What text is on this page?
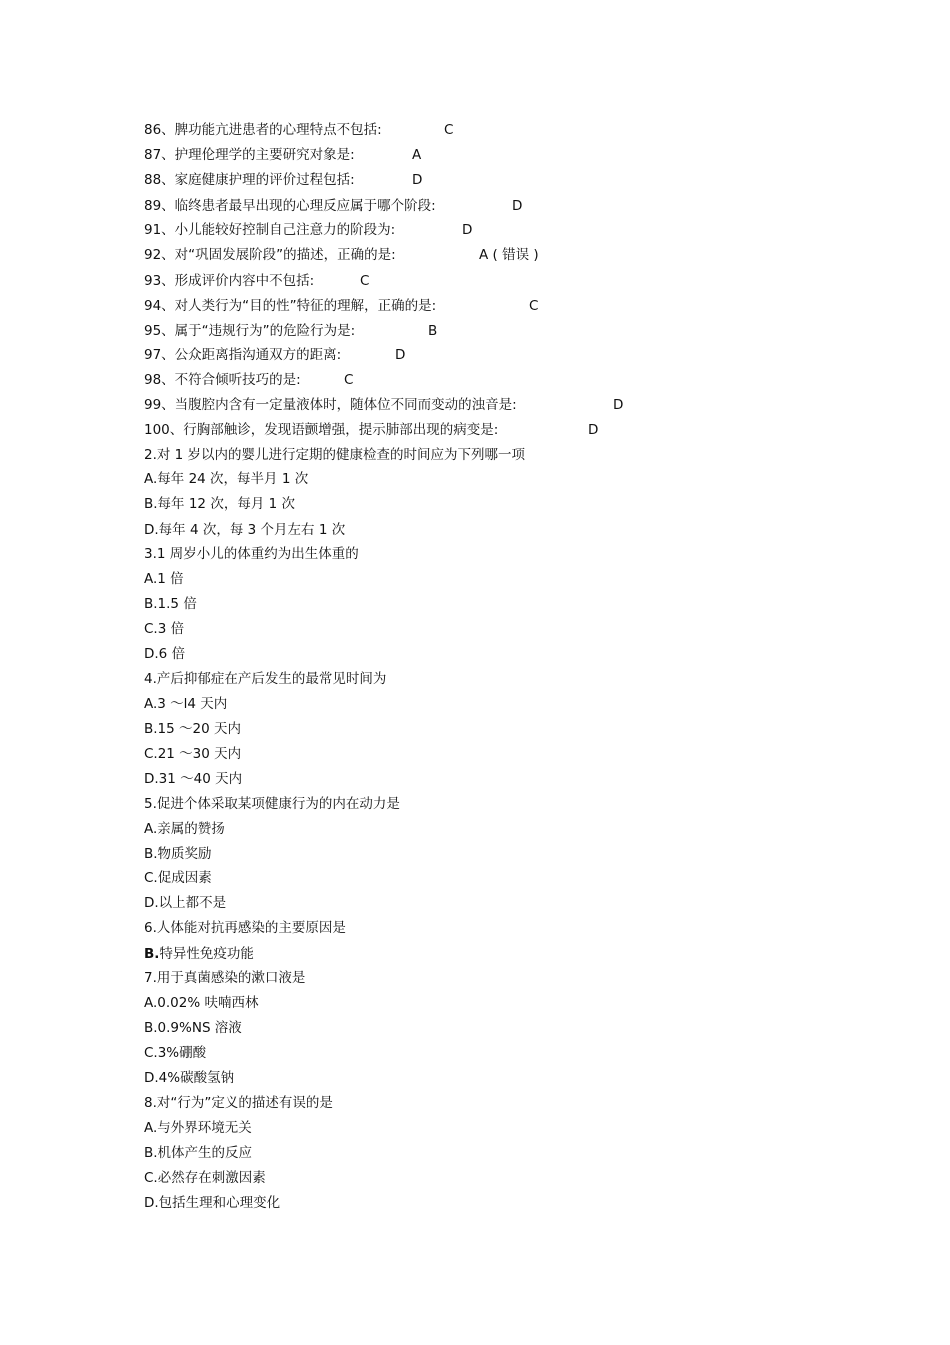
86、脾功能亢进患者的心理特点不包括:	C
87、护理伦理学的主要研究对象是:	A
88、家庭健康护理的评价过程包括:	D
89、临终患者最早出现的心理反应属于哪个阶段:	D
91、小儿能较好控制自己注意力的阶段为:	D
92、对“巩固发展阶段”的描述，正确的是:	A ( 错误 )
93、形成评价内容中不包括:	C
94、对人类行为“目的性”特征的理解，正确的是:	C
95、属于“违规行为”的危险行为是:	B
97、公众距离指沟通双方的距离:	D
98、不符合倾听技巧的是:	C
99、当腹腔内含有一定量液体时，随体位不同而变动的浊音是:	D
100、行胸部触诊，发现语颤增强，提示肺部出现的病变是:	D
2.对 1 岁以内的婴儿进行定期的健康检查的时间应为下列哪一项
A.每年 24 次，每半月 1 次
B.每年 12 次，每月 1 次
D.每年 4 次，每 3 个月左右 1 次
3.1 周岁小儿的体重约为出生体重的
A.1 倍
B.1.5 倍
C.3 倍
D.6 倍
4.产后抑郁症在产后发生的最常见时间为
A.3 ～l4 天内
B.15 ～20 天内
C.21 ～30 天内
D.31 ～40 天内
5.促进个体采取某项健康行为的内在动力是
A.亲属的赞扬
B.物质奖励
C.促成因素
D.以上都不是
6.人体能对抗再感染的主要原因是
B.特异性免疫功能
7.用于真菌感染的漱口液是
A.0.02% 呋喃西林
B.0.9%NS 溶液
C.3%硼酸
D.4%碳酸氢钠
8.对“行为”定义的描述有误的是
A.与外界环境无关
B.机体产生的反应
C.必然存在刺激因素
D.包括生理和心理变化
